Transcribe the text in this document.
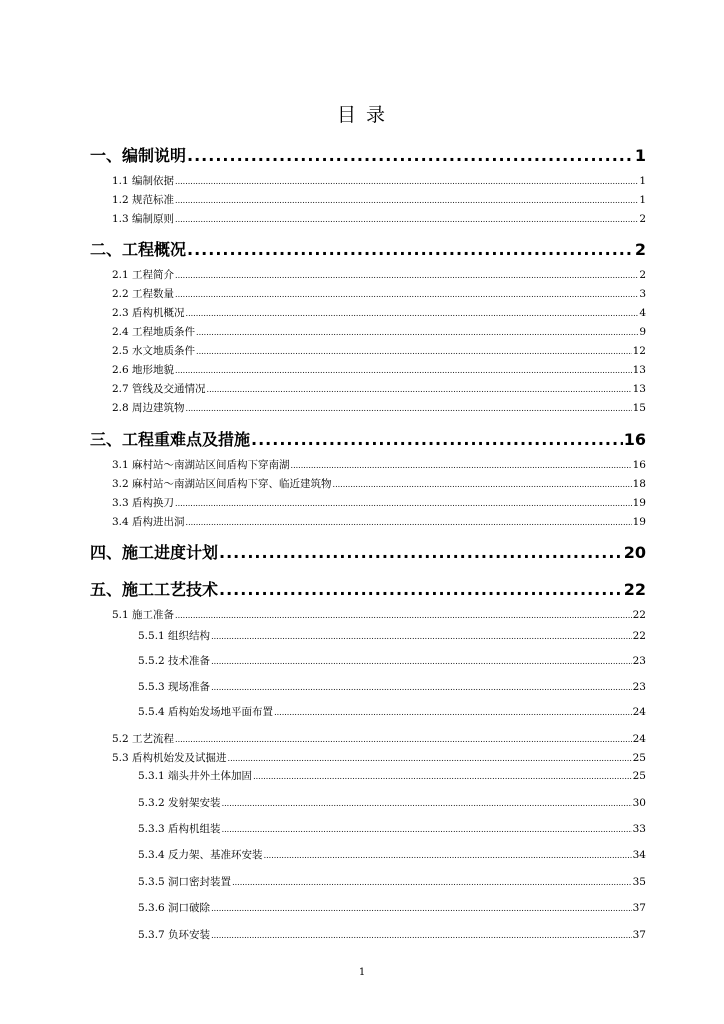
目 录
一、编制说明 .....	1
1.1 编制依据 .....	1
1.2 规范标准 .....	1
1.3 编制原则 .....	2
二、工程概况 .....	2
2.1 工程简介 .....	2
2.2 工程数量 .....	3
2.3 盾构机概况 .....	4
2.4 工程地质条件 .....	9
2.5 水文地质条件 .....	12
2.6 地形地貌 .....	13
2.7 管线及交通情况 .....	13
2.8 周边建筑物 .....	15
三、工程重难点及措施 .....	16
3.1 麻村站～南湖站区间盾构下穿南湖 .....	16
3.2 麻村站～南湖站区间盾构下穿、临近建筑物 .....	18
3.3 盾构换刀 .....	19
3.4 盾构进出洞 .....	19
四、施工进度计划 .....	20
五、施工工艺技术 .....	22
5.1 施工准备 .....	22
5.5.1 组织结构 .....	22
5.5.2 技术准备 .....	23
5.5.3 现场准备 .....	23
5.5.4 盾构始发场地平面布置 .....	24
5.2 工艺流程 .....	24
5.3 盾构机始发及试掘进 .....	25
5.3.1 端头井外土体加固 .....	25
5.3.2 发射架安装 .....	30
5.3.3 盾构机组装 .....	33
5.3.4 反力架、基准环安装 .....	34
5.3.5 洞口密封装置 .....	35
5.3.6 洞口破除 .....	37
5.3.7 负环安装 .....	37
1
